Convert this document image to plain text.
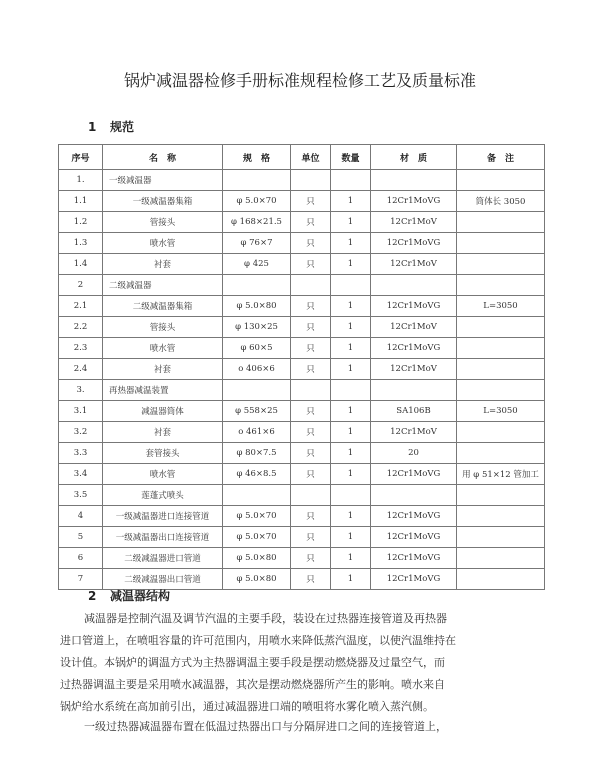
锅炉减温器检修手册标准规程检修工艺及质量标准
1 规范
序号	名　称	规　格	单位	数量	材　质	备　注
1.	一级减温器					
1.1	一级减温器集箱	φ 5.0×70	只	1	12Cr1MoVG	筒体长 3050
1.2	管接头	φ 168×21.5	只	1	12Cr1MoV	
1.3	喷水管	φ 76×7	只	1	12Cr1MoVG	
1.4	衬套	φ 425	只	1	12Cr1MoV	
2	二级减温器					
2.1	二级减温器集箱	φ 5.0×80	只	1	12Cr1MoVG	L=3050
2.2	管接头	φ 130×25	只	1	12Cr1MoV	
2.3	喷水管	φ 60×5	只	1	12Cr1MoVG	
2.4	衬套	ο 406×6	只	1	12Cr1MoV	
3.	再热器减温装置					
3.1	减温器筒体	φ 558×25	只	1	SA106B	L=3050
3.2	衬套	ο 461×6	只	1	12Cr1MoV	
3.3	套管接头	φ 80×7.5	只	1	20	
3.4	喷水管	φ 46×8.5	只	1	12Cr1MoVG	用 φ 51×12 管加工
3.5	莲蓬式喷头					
4	一级减温器进口连接管道	φ 5.0×70	只	1	12Cr1MoVG	
5	一级减温器出口连接管道	φ 5.0×70	只	1	12Cr1MoVG	
6	二级减温器进口管道	φ 5.0×80	只	1	12Cr1MoVG	
7	二级减温器出口管道	φ 5.0×80	只	1	12Cr1MoVG	
2 减温器结构
减温器是控制汽温及调节汽温的主要手段，装设在过热器连接管道及再热器
进口管道上，在喷咀容量的许可范围内，用喷水来降低蒸汽温度，以使汽温维持在
设计值。本锅炉的调温方式为主热器调温主要手段是摆动燃烧器及过量空气，而
过热器调温主要是采用喷水减温器，其次是摆动燃烧器所产生的影响。喷水来自
锅炉给水系统在高加前引出，通过减温器进口端的喷咀将水雾化喷入蒸汽侧。
一级过热器减温器布置在低温过热器出口与分隔屏进口之间的连接管道上，
